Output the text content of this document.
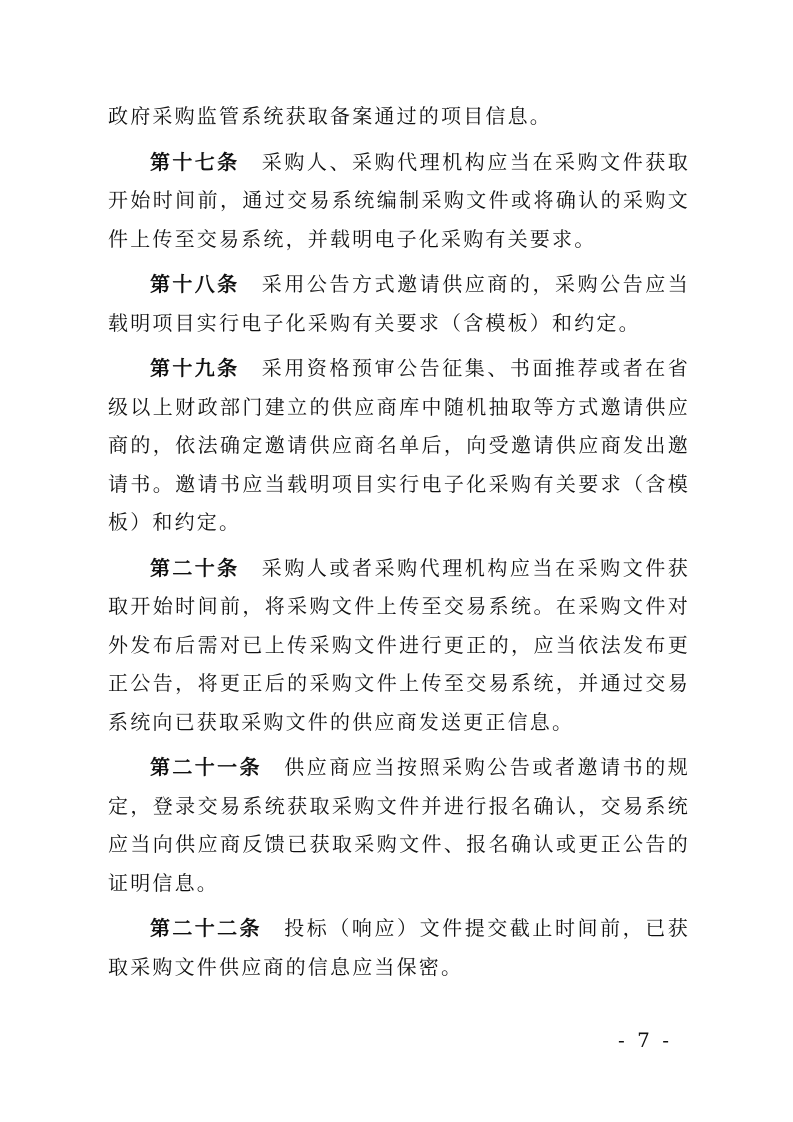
政府采购监管系统获取备案通过的项目信息。

第十七条 采购人、采购代理机构应当在采购文件获取开始时间前，通过交易系统编制采购文件或将确认的采购文件上传至交易系统，并载明电子化采购有关要求。

第十八条 采用公告方式邀请供应商的，采购公告应当载明项目实行电子化采购有关要求（含模板）和约定。

第十九条 采用资格预审公告征集、书面推荐或者在省级以上财政部门建立的供应商库中随机抽取等方式邀请供应商的，依法确定邀请供应商名单后，向受邀请供应商发出邀请书。邀请书应当载明项目实行电子化采购有关要求（含模板）和约定。

第二十条 采购人或者采购代理机构应当在采购文件获取开始时间前，将采购文件上传至交易系统。在采购文件对外发布后需对已上传采购文件进行更正的，应当依法发布更正公告，将更正后的采购文件上传至交易系统，并通过交易系统向已获取采购文件的供应商发送更正信息。

第二十一条 供应商应当按照采购公告或者邀请书的规定，登录交易系统获取采购文件并进行报名确认，交易系统应当向供应商反馈已获取采购文件、报名确认或更正公告的证明信息。

第二十二条 投标（响应）文件提交截止时间前，已获取采购文件供应商的信息应当保密。

- 7 -
